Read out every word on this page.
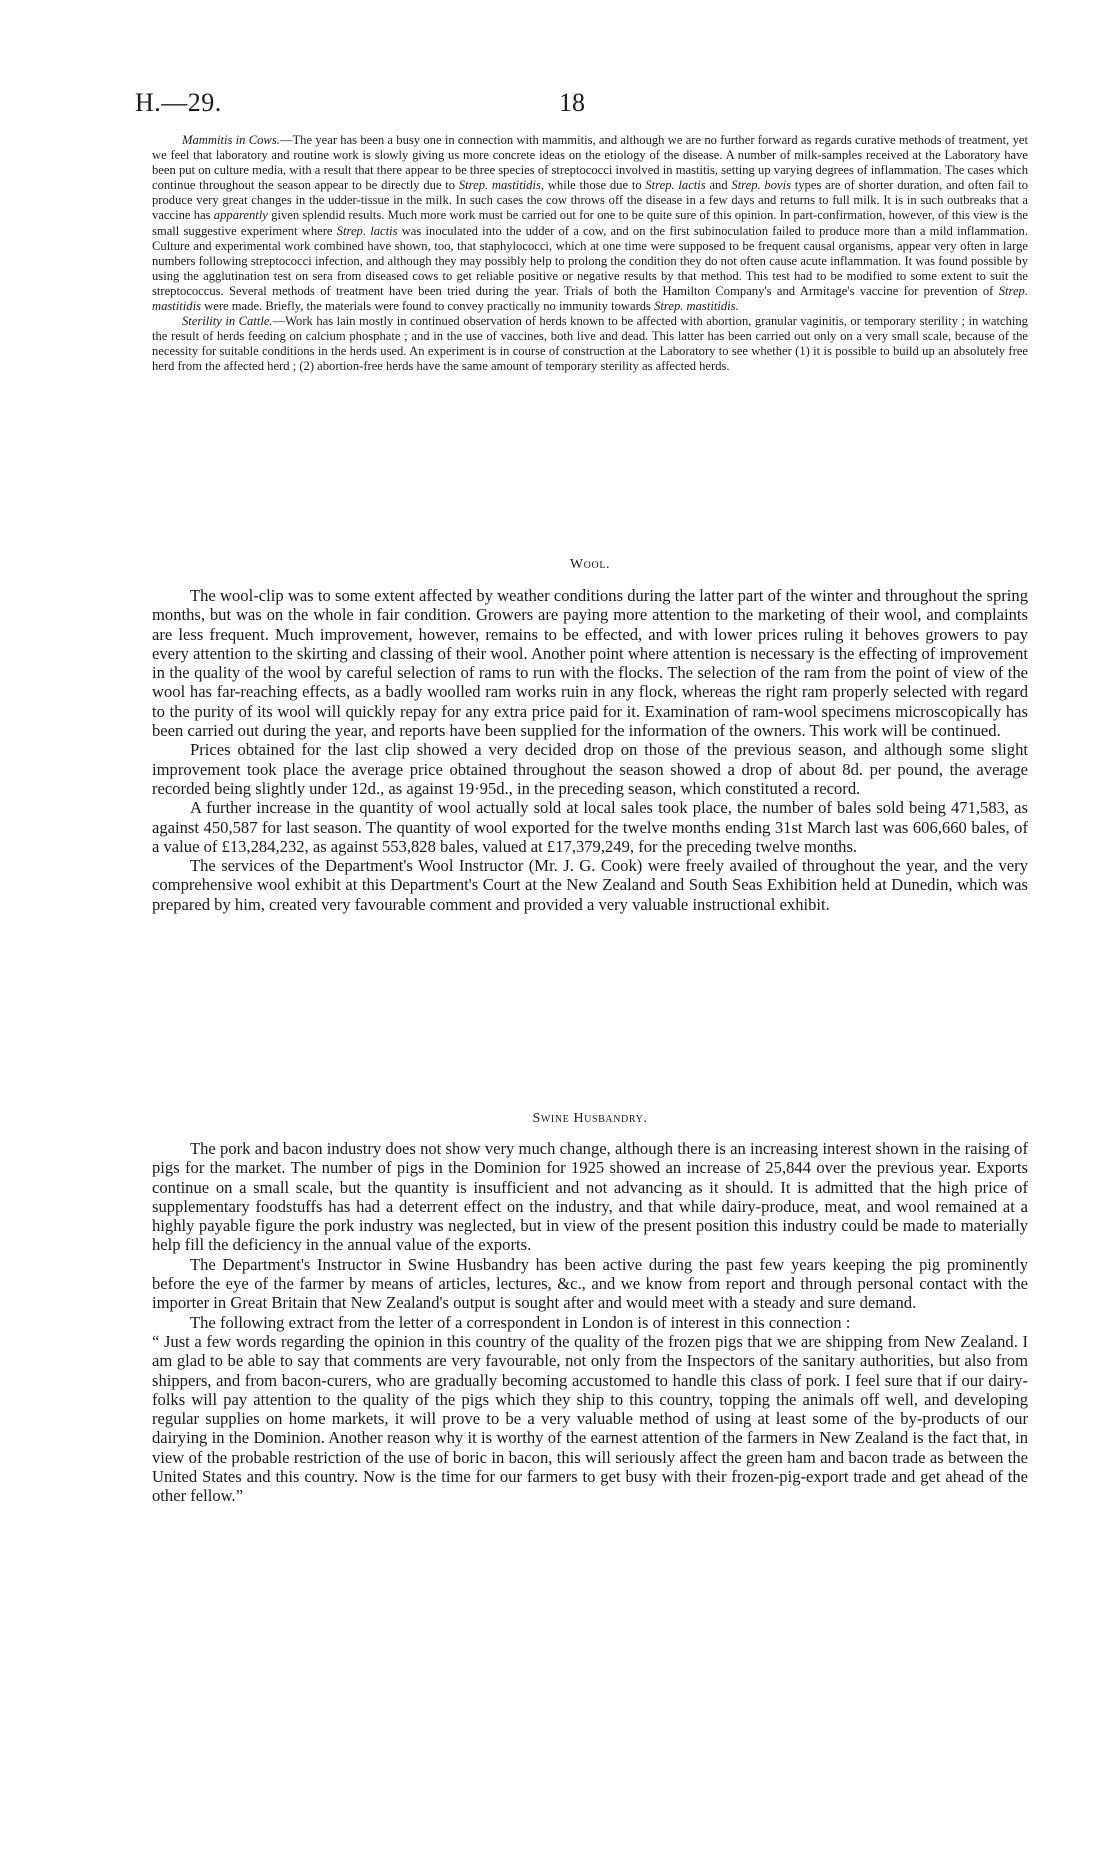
H.—29.	18

Mammitis in Cows.—The year has been a busy one in connection with mammitis, and although we are no further forward as regards curative methods of treatment, yet we feel that laboratory and routine work is slowly giving us more concrete ideas on the etiology of the disease. A number of milk-samples received at the Laboratory have been put on culture media, with a result that there appear to be three species of streptococci involved in mastitis, setting up varying degrees of inflammation. The cases which continue throughout the season appear to be directly due to Strep. mastitidis, while those due to Strep. lactis and Strep. bovis types are of shorter duration, and often fail to produce very great changes in the udder-tissue in the milk. In such cases the cow throws off the disease in a few days and returns to full milk. It is in such outbreaks that a vaccine has apparently given splendid results. Much more work must be carried out for one to be quite sure of this opinion. In part-confirmation, however, of this view is the small suggestive experiment where Strep. lactis was inoculated into the udder of a cow, and on the first subinoculation failed to produce more than a mild inflammation. Culture and experimental work combined have shown, too, that staphylococci, which at one time were supposed to be frequent causal organisms, appear very often in large numbers following streptococci infection, and although they may possibly help to prolong the condition they do not often cause acute inflammation. It was found possible by using the agglutination test on sera from diseased cows to get reliable positive or negative results by that method. This test had to be modified to some extent to suit the streptococcus. Several methods of treatment have been tried during the year. Trials of both the Hamilton Company's and Armitage's vaccine for prevention of Strep. mastitidis were made. Briefly, the materials were found to convey practically no immunity towards Strep. mastitidis.

Sterility in Cattle.—Work has lain mostly in continued observation of herds known to be affected with abortion, granular vaginitis, or temporary sterility ; in watching the result of herds feeding on calcium phosphate ; and in the use of vaccines, both live and dead. This latter has been carried out only on a very small scale, because of the necessity for suitable conditions in the herds used. An experiment is in course of construction at the Laboratory to see whether (1) it is possible to build up an absolutely free herd from the affected herd ; (2) abortion-free herds have the same amount of temporary sterility as affected herds.

Wool.

The wool-clip was to some extent affected by weather conditions during the latter part of the winter and throughout the spring months, but was on the whole in fair condition. Growers are paying more attention to the marketing of their wool, and complaints are less frequent. Much improvement, however, remains to be effected, and with lower prices ruling it behoves growers to pay every attention to the skirting and classing of their wool. Another point where attention is necessary is the effecting of improvement in the quality of the wool by careful selection of rams to run with the flocks. The selection of the ram from the point of view of the wool has far-reaching effects, as a badly woolled ram works ruin in any flock, whereas the right ram properly selected with regard to the purity of its wool will quickly repay for any extra price paid for it. Examination of ram-wool specimens microscopically has been carried out during the year, and reports have been supplied for the information of the owners. This work will be continued.

Prices obtained for the last clip showed a very decided drop on those of the previous season, and although some slight improvement took place the average price obtained throughout the season showed a drop of about 8d. per pound, the average recorded being slightly under 12d., as against 19·95d., in the preceding season, which constituted a record.

A further increase in the quantity of wool actually sold at local sales took place, the number of bales sold being 471,583, as against 450,587 for last season. The quantity of wool exported for the twelve months ending 31st March last was 606,660 bales, of a value of £13,284,232, as against 553,828 bales, valued at £17,379,249, for the preceding twelve months.

The services of the Department's Wool Instructor (Mr. J. G. Cook) were freely availed of throughout the year, and the very comprehensive wool exhibit at this Department's Court at the New Zealand and South Seas Exhibition held at Dunedin, which was prepared by him, created very favourable comment and provided a very valuable instructional exhibit.

Swine Husbandry.

The pork and bacon industry does not show very much change, although there is an increasing interest shown in the raising of pigs for the market. The number of pigs in the Dominion for 1925 showed an increase of 25,844 over the previous year. Exports continue on a small scale, but the quantity is insufficient and not advancing as it should. It is admitted that the high price of supplementary foodstuffs has had a deterrent effect on the industry, and that while dairy-produce, meat, and wool remained at a highly payable figure the pork industry was neglected, but in view of the present position this industry could be made to materially help fill the deficiency in the annual value of the exports.

The Department's Instructor in Swine Husbandry has been active during the past few years keeping the pig prominently before the eye of the farmer by means of articles, lectures, &c., and we know from report and through personal contact with the importer in Great Britain that New Zealand's output is sought after and would meet with a steady and sure demand.

The following extract from the letter of a correspondent in London is of interest in this connection :

“ Just a few words regarding the opinion in this country of the quality of the frozen pigs that we are shipping from New Zealand. I am glad to be able to say that comments are very favourable, not only from the Inspectors of the sanitary authorities, but also from shippers, and from bacon-curers, who are gradually becoming accustomed to handle this class of pork. I feel sure that if our dairy-folks will pay attention to the quality of the pigs which they ship to this country, topping the animals off well, and developing regular supplies on home markets, it will prove to be a very valuable method of using at least some of the by-products of our dairying in the Dominion. Another reason why it is worthy of the earnest attention of the farmers in New Zealand is the fact that, in view of the probable restriction of the use of boric in bacon, this will seriously affect the green ham and bacon trade as between the United States and this country. Now is the time for our farmers to get busy with their frozen-pig-export trade and get ahead of the other fellow.”
